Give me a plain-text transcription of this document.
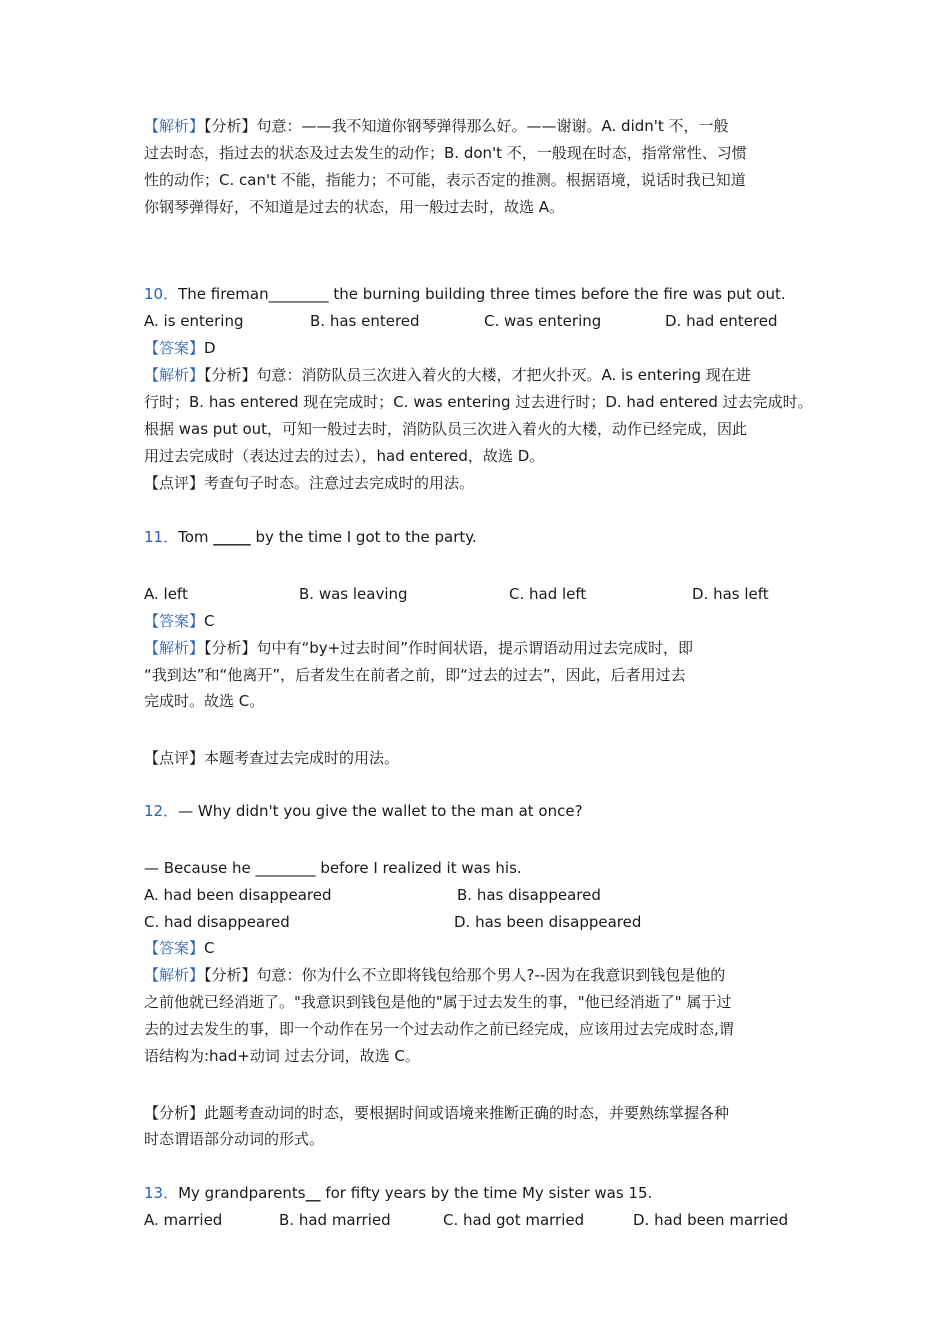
【解析】【分析】句意：——我不知道你钢琴弹得那么好。——谢谢。A. didn't 不，一般
过去时态，指过去的状态及过去发生的动作；B. don't 不，一般现在时态，指常常性、习惯
性的动作；C. can't 不能，指能力；不可能，表示否定的推测。根据语境，说话时我已知道
你钢琴弹得好，不知道是过去的状态，用一般过去时，故选 A。
10．The fireman________ the burning building three times before the fire was put out.
A. is entering	B. has entered	C. was entering	D. had entered
【答案】D
【解析】【分析】句意：消防队员三次进入着火的大楼，才把火扑灭。A. is entering 现在进
行时；B. has entered 现在完成时；C. was entering 过去进行时；D. had entered 过去完成时。
根据 was put out，可知一般过去时，消防队员三次进入着火的大楼，动作已经完成，因此
用过去完成时（表达过去的过去），had entered，故选 D。
【点评】考查句子时态。注意过去完成时的用法。
11．Tom _____ by the time I got to the party.
A. left	B. was leaving	C. had left	D. has left
【答案】C
【解析】【分析】句中有“by+过去时间”作时间状语，提示谓语动用过去完成时，即
“我到达”和“他离开”，后者发生在前者之前，即“过去的过去”，因此，后者用过去
完成时。故选 C。
【点评】本题考查过去完成时的用法。
12．— Why didn't you give the wallet to the man at once?
— Because he ________ before I realized it was his.
A. had been disappeared	B. has disappeared
C. had disappeared	D. has been disappeared
【答案】C
【解析】【分析】句意：你为什么不立即将钱包给那个男人?--因为在我意识到钱包是他的
之前他就已经消逝了。"我意识到钱包是他的"属于过去发生的事，"他已经消逝了" 属于过
去的过去发生的事，即一个动作在另一个过去动作之前已经完成，应该用过去完成时态,谓
语结构为:had+动词 过去分词，故选 C。
【分析】此题考查动词的时态，要根据时间或语境来推断正确的时态，并要熟练掌握各种
时态谓语部分动词的形式。
13．My grandparents__ for fifty years by the time My sister was 15.
A. married	B. had married	C. had got married	D. had been married
